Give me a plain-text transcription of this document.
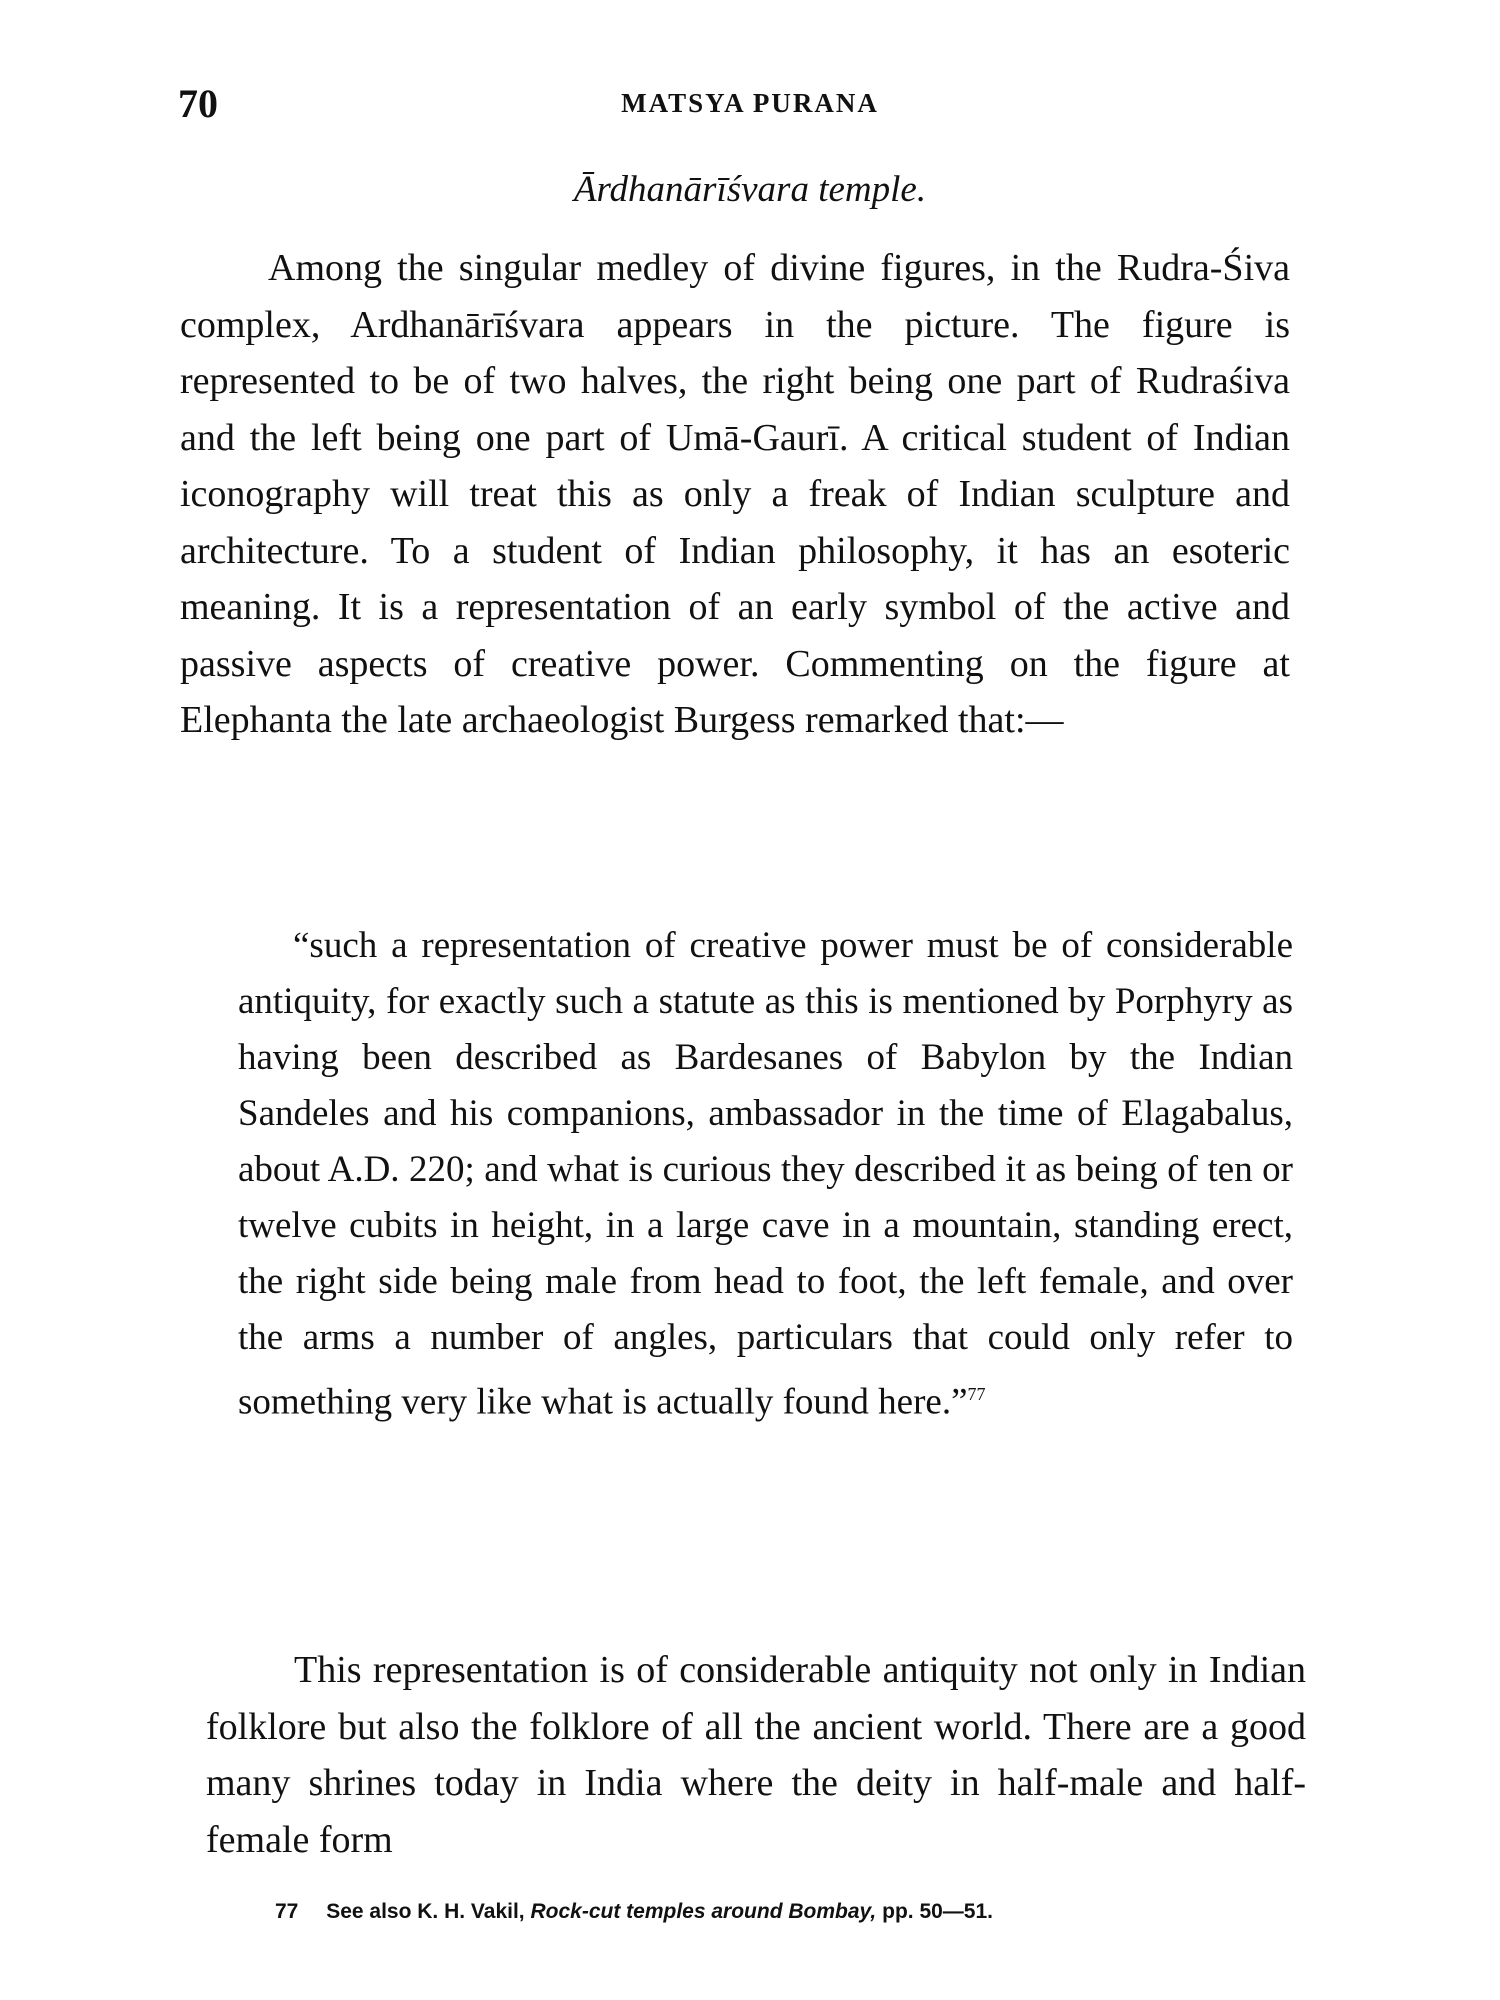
70	MATSYA PURANA
Ārdhanārīśvara temple.

Among the singular medley of divine figures, in the Rudra-Śiva complex, Ardhanārīśvara appears in the picture. The figure is represented to be of two halves, the right being one part of Rudraśiva and the left being one part of Umā-Gaurī. A critical student of Indian iconography will treat this as only a freak of Indian sculpture and architecture. To a student of Indian philosophy, it has an esoteric meaning. It is a representation of an early symbol of the active and passive aspects of creative power. Commenting on the figure at Elephanta the late archaeologist Burgess remarked that:—

“such a representation of creative power must be of considerable antiquity, for exactly such a statute as this is mentioned by Porphyry as having been described as Bardesanes of Babylon by the Indian Sandeles and his companions, ambassador in the time of Elagabalus, about A.D. 220; and what is curious they described it as being of ten or twelve cubits in height, in a large cave in a mountain, standing erect, the right side being male from head to foot, the left female, and over the arms a number of angles, particulars that could only refer to something very like what is actually found here.”$^{77}$

This representation is of considerable antiquity not only in Indian folklore but also the folklore of all the ancient world. There are a good many shrines today in India where the deity in half-male and half-female form

77 See also K. H. Vakil, Rock-cut temples around Bombay, pp. 50—51.
